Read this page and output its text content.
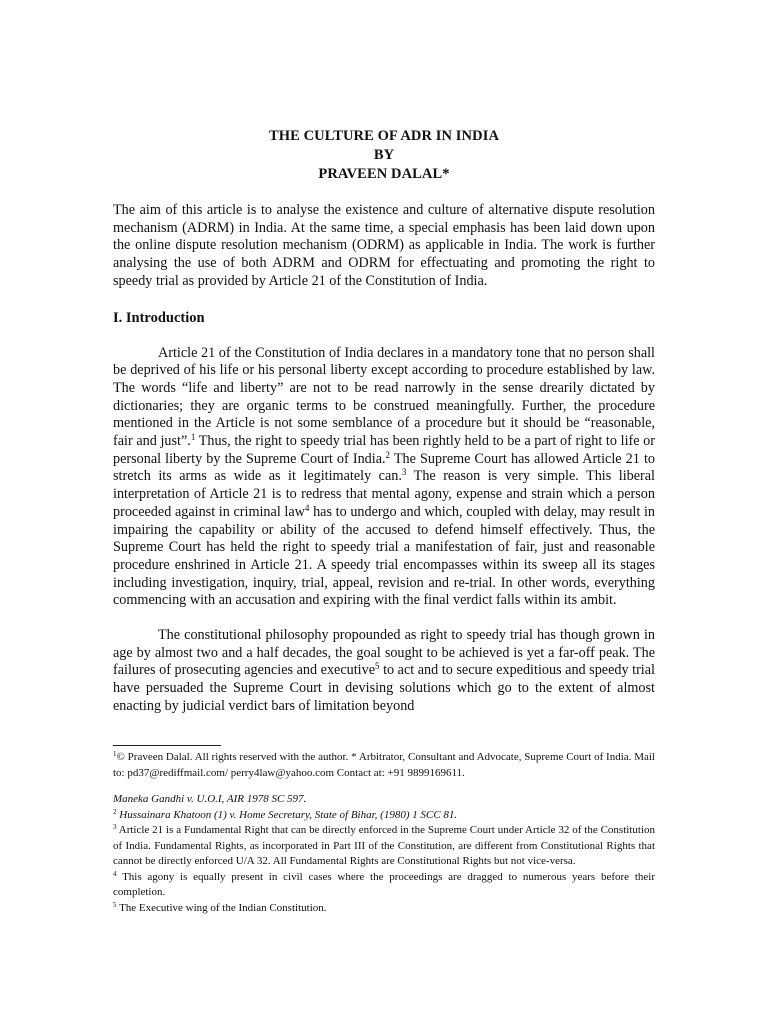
THE CULTURE OF ADR IN INDIA
BY
PRAVEEN DALAL*

The aim of this article is to analyse the existence and culture of alternative dispute resolution mechanism (ADRM) in India. At the same time, a special emphasis has been laid down upon the online dispute resolution mechanism (ODRM) as applicable in India. The work is further analysing the use of both ADRM and ODRM for effectuating and promoting the right to speedy trial as provided by Article 21 of the Constitution of India.

I. Introduction

Article 21 of the Constitution of India declares in a mandatory tone that no person shall be deprived of his life or his personal liberty except according to procedure established by law. The words “life and liberty” are not to be read narrowly in the sense drearily dictated by dictionaries; they are organic terms to be construed meaningfully. Further, the procedure mentioned in the Article is not some semblance of a procedure but it should be “reasonable, fair and just”.$^1$ Thus, the right to speedy trial has been rightly held to be a part of right to life or personal liberty by the Supreme Court of India.$^2$ The Supreme Court has allowed Article 21 to stretch its arms as wide as it legitimately can.$^3$ The reason is very simple. This liberal interpretation of Article 21 is to redress that mental agony, expense and strain which a person proceeded against in criminal law$^4$ has to undergo and which, coupled with delay, may result in impairing the capability or ability of the accused to defend himself effectively. Thus, the Supreme Court has held the right to speedy trial a manifestation of fair, just and reasonable procedure enshrined in Article 21. A speedy trial encompasses within its sweep all its stages including investigation, inquiry, trial, appeal, revision and re-trial. In other words, everything commencing with an accusation and expiring with the final verdict falls within its ambit.

The constitutional philosophy propounded as right to speedy trial has though grown in age by almost two and a half decades, the goal sought to be achieved is yet a far-off peak. The failures of prosecuting agencies and executive$^5$ to act and to secure expeditious and speedy trial have persuaded the Supreme Court in devising solutions which go to the extent of almost enacting by judicial verdict bars of limitation beyond

$^1$© Praveen Dalal. All rights reserved with the author. * Arbitrator, Consultant and Advocate, Supreme Court of India. Mail to: pd37@rediffmail.com/ perry4law@yahoo.com Contact at: +91 9899169611.

Maneka Gandhi v. U.O.I, AIR 1978 SC 597.

$^2$ Hussainara Khatoon (1) v. Home Secretary, State of Bihar, (1980) 1 SCC 81.

$^3$ Article 21 is a Fundamental Right that can be directly enforced in the Supreme Court under Article 32 of the Constitution of India. Fundamental Rights, as incorporated in Part III of the Constitution, are different from Constitutional Rights that cannot be directly enforced U/A 32. All Fundamental Rights are Constitutional Rights but not vice-versa.

$^4$ This agony is equally present in civil cases where the proceedings are dragged to numerous years before their completion.

$^5$ The Executive wing of the Indian Constitution.
